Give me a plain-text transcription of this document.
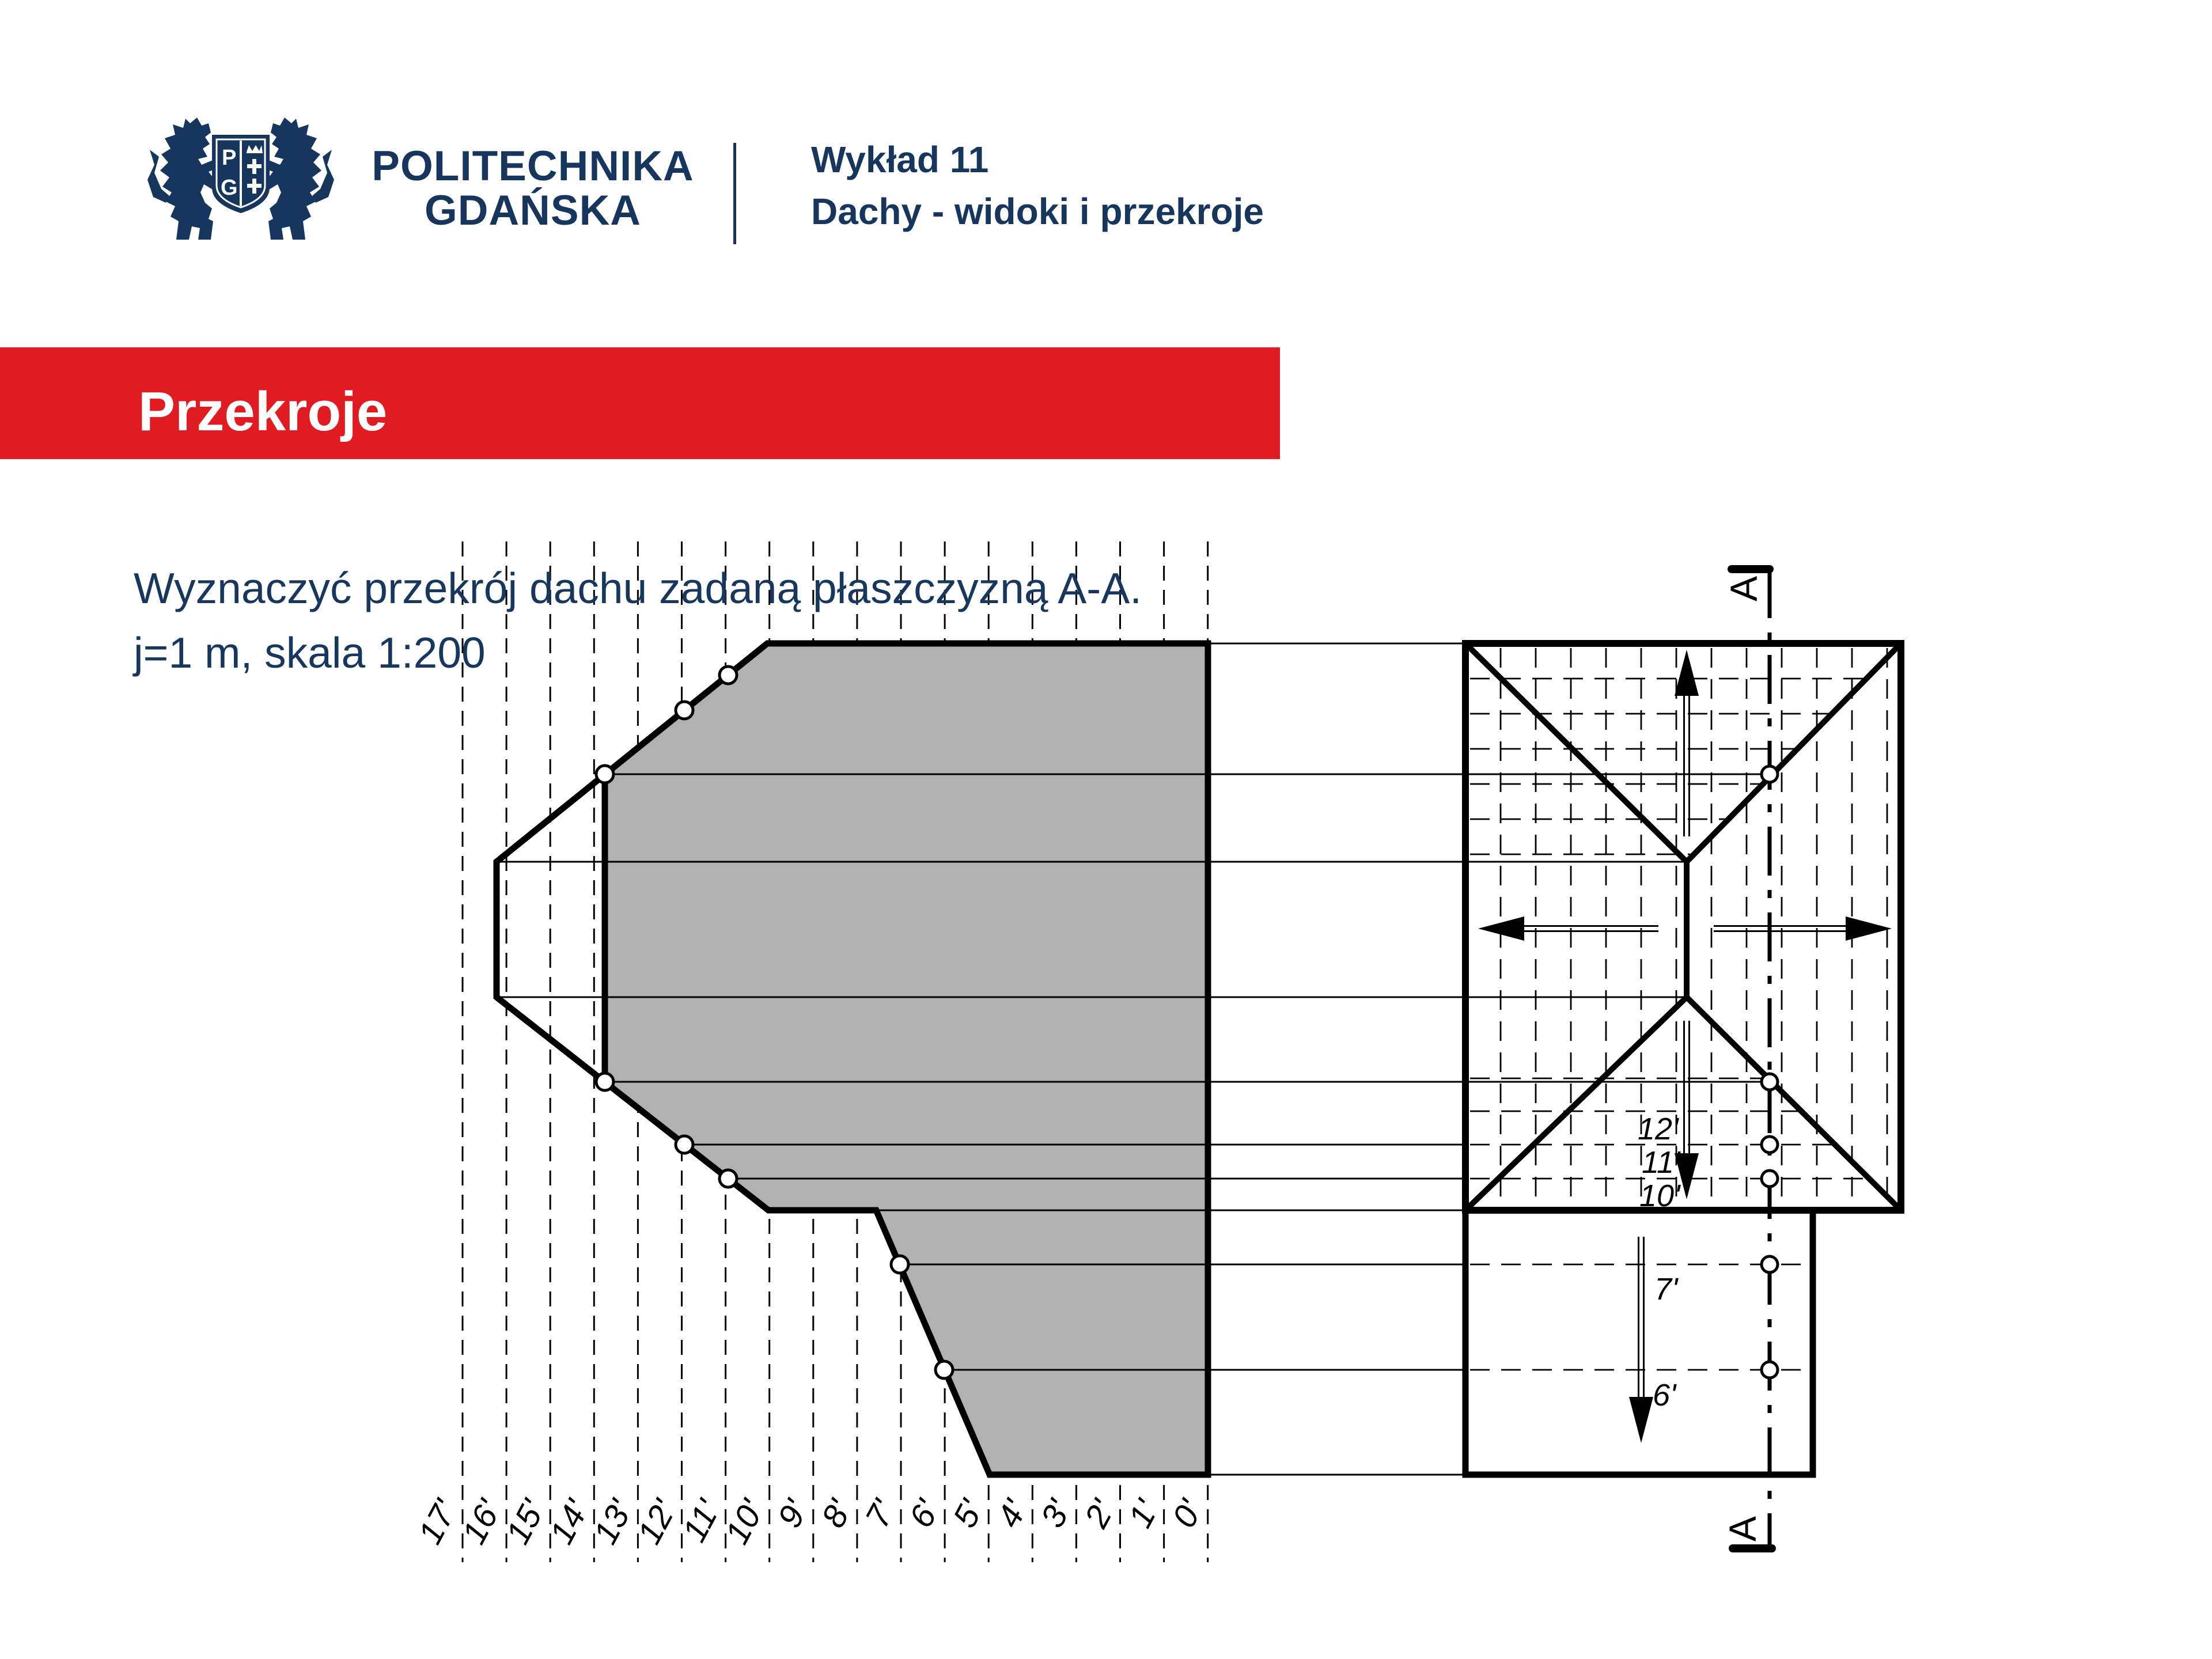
17'
16'
15'
14'
13'
12'
11'
10'
9'
8'
7'
6'
5'
4'
3'
2'
1'
0'
A
A
12'
11'
10'
7'
6'
P
G	POLITECHNIKA
GDAŃSKA
Wykład 11
Dachy - widoki i przekroje
Przekroje
Wyznaczyć przekrój dachu zadaną płaszczyzną A-A.
j=1 m, skala 1:200
